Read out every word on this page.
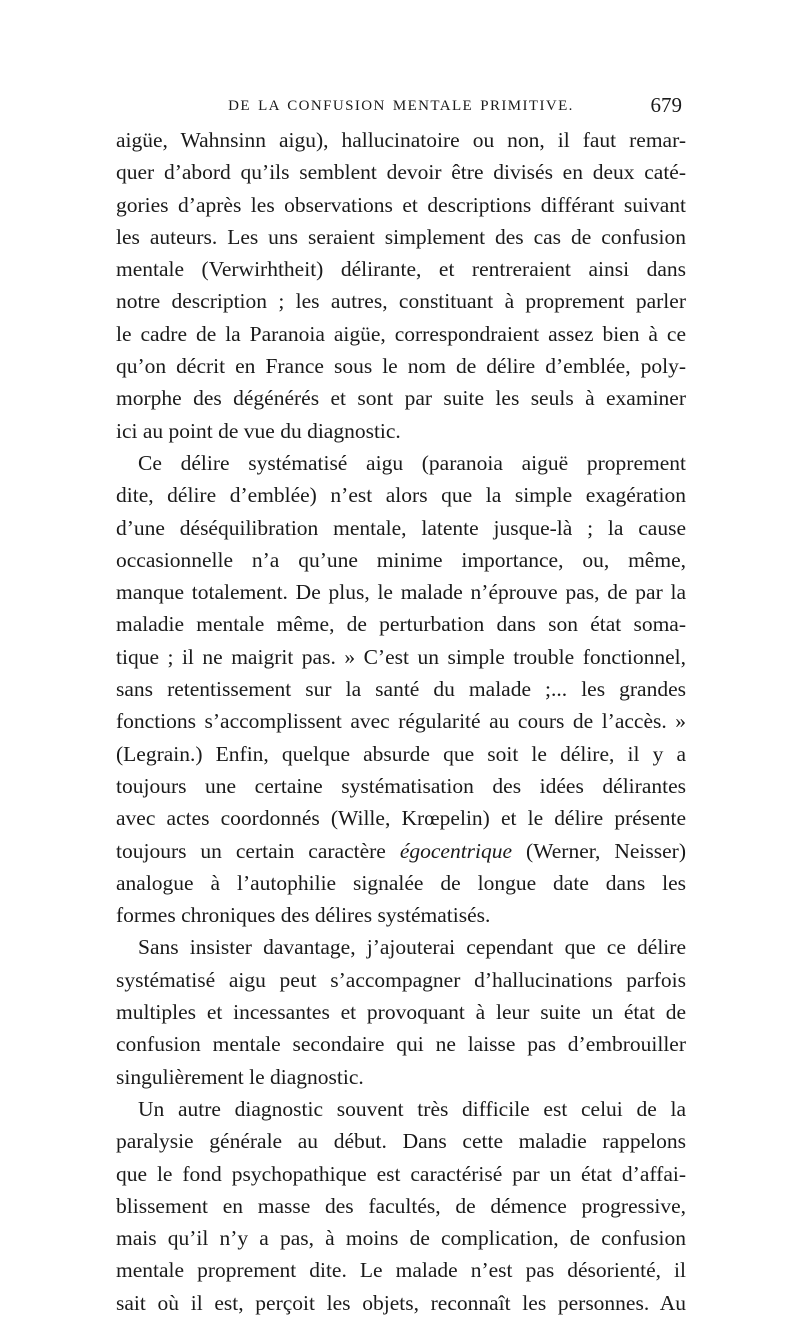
DE LA CONFUSION MENTALE PRIMITIVE.	679
aigüe, Wahnsinn aigu), hallucinatoire ou non, il faut remar-
quer d’abord qu’ils semblent devoir être divisés en deux caté-
gories d’après les observations et descriptions différant suivant
les auteurs. Les uns seraient simplement des cas de confusion
mentale (Verwirhtheit) délirante, et rentreraient ainsi dans
notre description ; les autres, constituant à proprement parler
le cadre de la Paranoia aigüe, correspondraient assez bien à ce
qu’on décrit en France sous le nom de délire d’emblée, poly-
morphe des dégénérés et sont par suite les seuls à examiner
ici au point de vue du diagnostic.
Ce délire systématisé aigu (paranoia aiguë proprement
dite, délire d’emblée) n’est alors que la simple exagération
d’une déséquilibration mentale, latente jusque-là ; la cause
occasionnelle n’a qu’une minime importance, ou, même,
manque totalement. De plus, le malade n’éprouve pas, de par la
maladie mentale même, de perturbation dans son état soma-
tique ; il ne maigrit pas. » C’est un simple trouble fonctionnel,
sans retentissement sur la santé du malade ;... les grandes
fonctions s’accomplissent avec régularité au cours de l’accès. »
(Legrain.) Enfin, quelque absurde que soit le délire, il y a
toujours une certaine systématisation des idées délirantes
avec actes coordonnés (Wille, Krœpelin) et le délire présente
toujours un certain caractère égocentrique (Werner, Neisser)
analogue à l’autophilie signalée de longue date dans les
formes chroniques des délires systématisés.
Sans insister davantage, j’ajouterai cependant que ce délire
systématisé aigu peut s’accompagner d’hallucinations parfois
multiples et incessantes et provoquant à leur suite un état de
confusion mentale secondaire qui ne laisse pas d’embrouiller
singulièrement le diagnostic.
Un autre diagnostic souvent très difficile est celui de la
paralysie générale au début. Dans cette maladie rappelons
que le fond psychopathique est caractérisé par un état d’affai-
blissement en masse des facultés, de démence progressive,
mais qu’il n’y a pas, à moins de complication, de confusion
mentale proprement dite. Le malade n’est pas désorienté, il
sait où il est, perçoit les objets, reconnaît les personnes. Au
